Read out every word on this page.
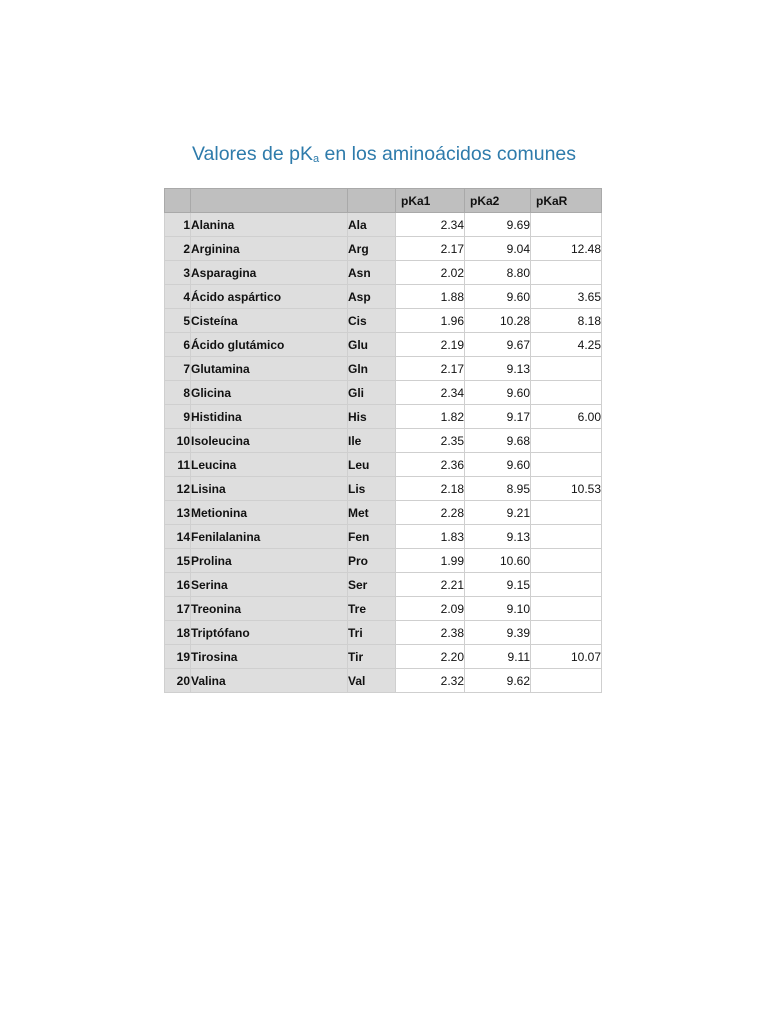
Valores de $pK_a$ en los aminoácidos comunes
			pKa1	pKa2	pKaR
1	Alanina	Ala	2.34	9.69	
2	Arginina	Arg	2.17	9.04	12.48
3	Asparagina	Asn	2.02	8.80	
4	Ácido aspártico	Asp	1.88	9.60	3.65
5	Cisteína	Cis	1.96	10.28	8.18
6	Ácido glutámico	Glu	2.19	9.67	4.25
7	Glutamina	Gln	2.17	9.13	
8	Glicina	Gli	2.34	9.60	
9	Histidina	His	1.82	9.17	6.00
10	Isoleucina	Ile	2.35	9.68	
11	Leucina	Leu	2.36	9.60	
12	Lisina	Lis	2.18	8.95	10.53
13	Metionina	Met	2.28	9.21	
14	Fenilalanina	Fen	1.83	9.13	
15	Prolina	Pro	1.99	10.60	
16	Serina	Ser	2.21	9.15	
17	Treonina	Tre	2.09	9.10	
18	Triptófano	Tri	2.38	9.39	
19	Tirosina	Tir	2.20	9.11	10.07
20	Valina	Val	2.32	9.62	
